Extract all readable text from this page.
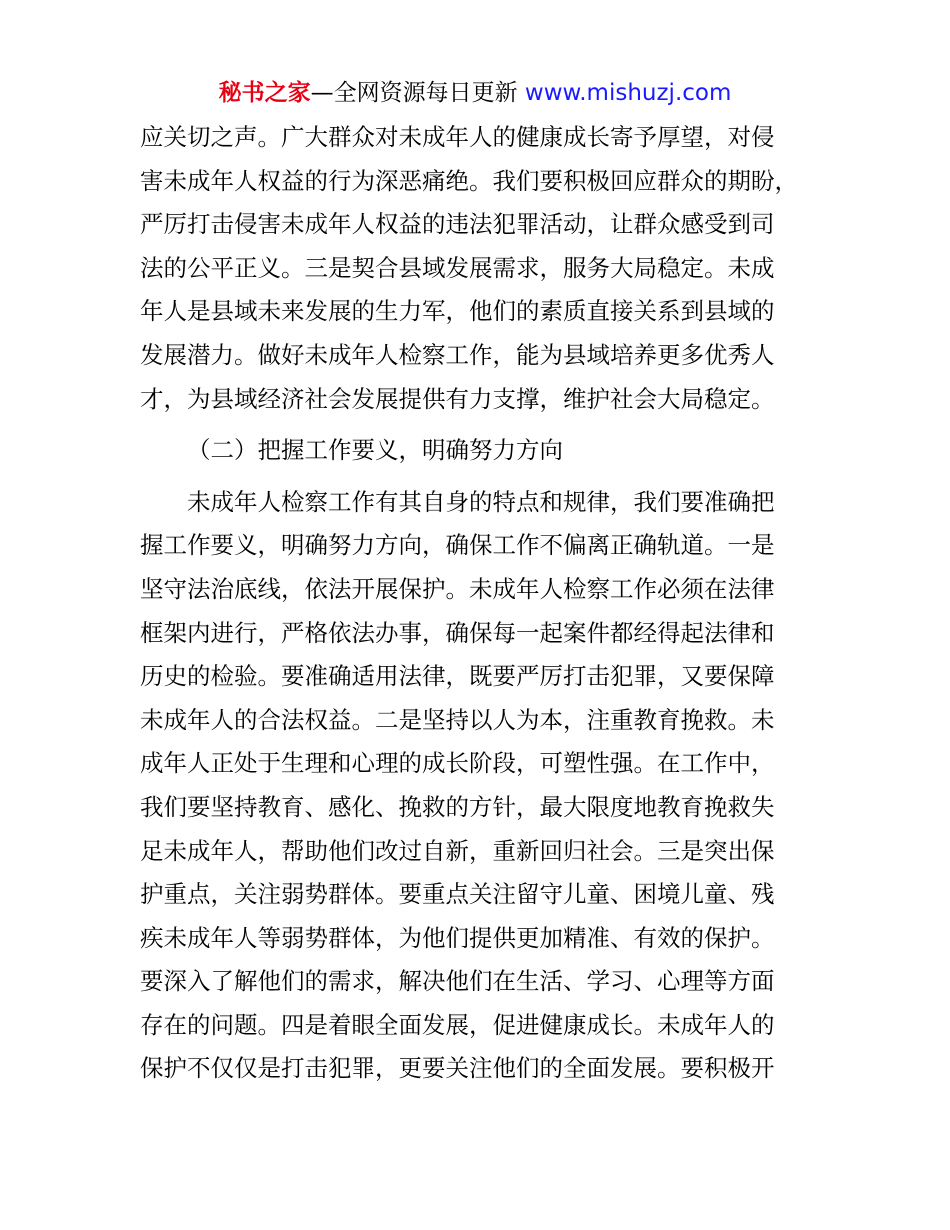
秘书之家—全网资源每日更新 www.mishuzj.com
应关切之声。广大群众对未成年人的健康成长寄予厚望，对侵
害未成年人权益的行为深恶痛绝。我们要积极回应群众的期盼，
严厉打击侵害未成年人权益的违法犯罪活动，让群众感受到司
法的公平正义。三是契合县域发展需求，服务大局稳定。未成
年人是县域未来发展的生力军，他们的素质直接关系到县域的
发展潜力。做好未成年人检察工作，能为县域培养更多优秀人
才，为县域经济社会发展提供有力支撑，维护社会大局稳定。
（二）把握工作要义，明确努力方向
未成年人检察工作有其自身的特点和规律，我们要准确把
握工作要义，明确努力方向，确保工作不偏离正确轨道。一是
坚守法治底线，依法开展保护。未成年人检察工作必须在法律
框架内进行，严格依法办事，确保每一起案件都经得起法律和
历史的检验。要准确适用法律，既要严厉打击犯罪，又要保障
未成年人的合法权益。二是坚持以人为本，注重教育挽救。未
成年人正处于生理和心理的成长阶段，可塑性强。在工作中，
我们要坚持教育、感化、挽救的方针，最大限度地教育挽救失
足未成年人，帮助他们改过自新，重新回归社会。三是突出保
护重点，关注弱势群体。要重点关注留守儿童、困境儿童、残
疾未成年人等弱势群体，为他们提供更加精准、有效的保护。
要深入了解他们的需求，解决他们在生活、学习、心理等方面
存在的问题。四是着眼全面发展，促进健康成长。未成年人的
保护不仅仅是打击犯罪，更要关注他们的全面发展。要积极开
